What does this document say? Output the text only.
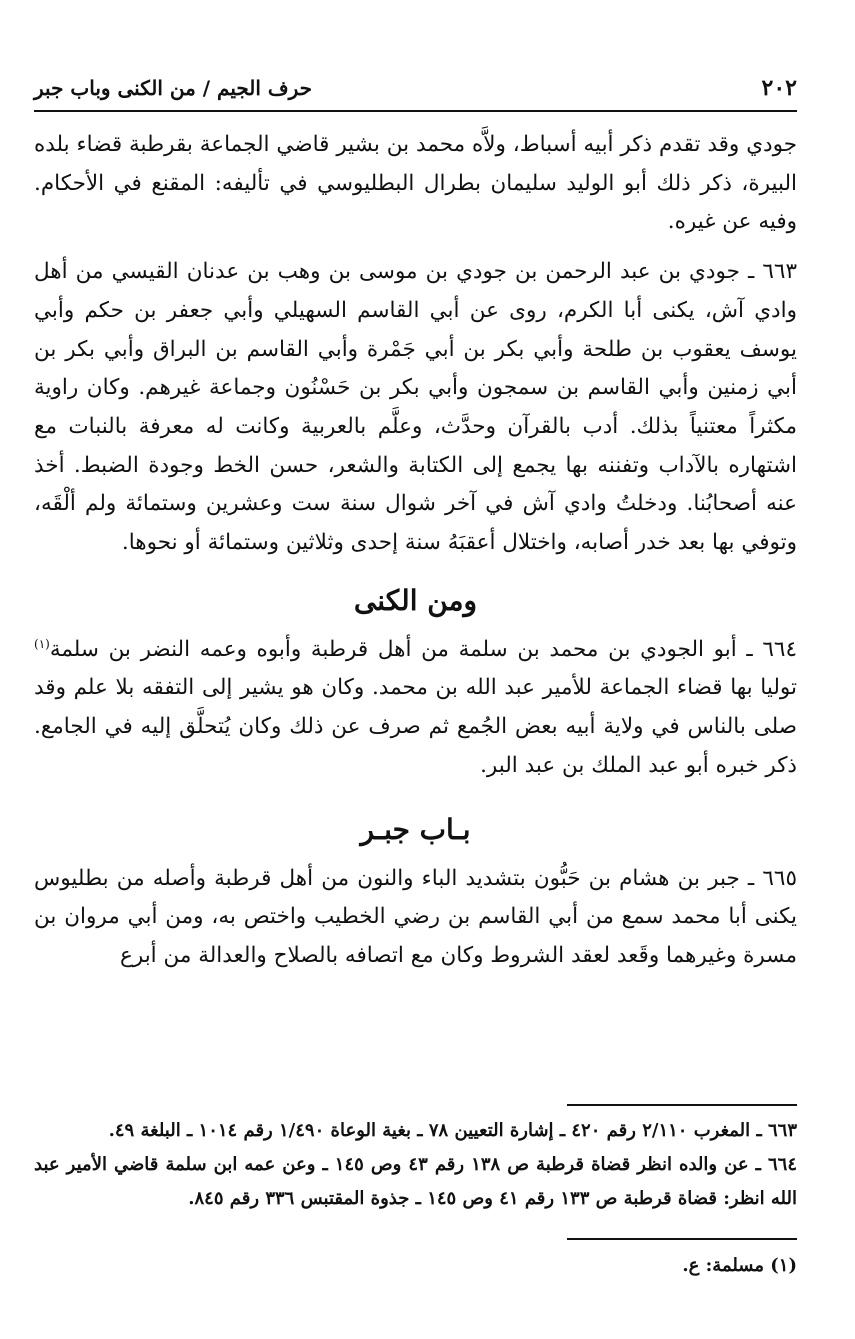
٢٠٢
حرف الجيم / من الكنى وباب جبر

جودي وقد تقدم ذكر أبيه أسباط، ولاَّه محمد بن بشير قاضي الجماعة بقرطبة قضاء بلده البيرة، ذكر ذلك أبو الوليد سليمان بطرال البطليوسي في تأليفه: المقنع في الأحكام. وفيه عن غيره.

٦٦٣ ـ جودي بن عبد الرحمن بن جودي بن موسى بن وهب بن عدنان القيسي من أهل وادي آش، يكنى أبا الكرم، روى عن أبي القاسم السهيلي وأبي جعفر بن حكم وأبي يوسف يعقوب بن طلحة وأبي بكر بن أبي جَمْرة وأبي القاسم بن البراق وأبي بكر بن أبي زمنين وأبي القاسم بن سمجون وأبي بكر بن حَسْنُون وجماعة غيرهم. وكان راوية مكثراً معتنياً بذلك. أدب بالقرآن وحدَّث، وعلَّم بالعربية وكانت له معرفة بالنبات مع اشتهاره بالآداب وتفننه بها يجمع إلى الكتابة والشعر، حسن الخط وجودة الضبط. أخذ عنه أصحابُنا. ودخلتُ وادي آش في آخر شوال سنة ست وعشرين وستمائة ولم ألْقَه، وتوفي بها بعد خدر أصابه، واختلال أعقبَهُ سنة إحدى وثلاثين وستمائة أو نحوها.

ومن الكنى

٦٦٤ ـ أبو الجودي بن محمد بن سلمة من أهل قرطبة وأبوه وعمه النضر بن سلمة$^{(١)}$ توليا بها قضاء الجماعة للأمير عبد الله بن محمد. وكان هو يشير إلى التفقه بلا علم وقد صلى بالناس في ولاية أبيه بعض الجُمع ثم صرف عن ذلك وكان يُتحلَّق إليه في الجامع. ذكر خبره أبو عبد الملك بن عبد البر.

بـاب جبـر

٦٦٥ ـ جبر بن هشام بن حَبُّون بتشديد الباء والنون من أهل قرطبة وأصله من بطليوس يكنى أبا محمد سمع من أبي القاسم بن رضي الخطيب واختص به، ومن أبي مروان بن مسرة وغيرهما وقَعد لعقد الشروط وكان مع اتصافه بالصلاح والعدالة من أبرع

٦٦٣ ـ المغرب ٢/١١٠ رقم ٤٢٠ ـ إشارة التعيين ٧٨ ـ بغية الوعاة ١/٤٩٠ رقم ١٠١٤ ـ البلغة ٤٩.

٦٦٤ ـ عن والده انظر قضاة قرطبة ص ١٣٨ رقم ٤٣ وص ١٤٥ ـ وعن عمه ابن سلمة قاضي الأمير عبد الله انظر: قضاة قرطبة ص ١٣٣ رقم ٤١ وص ١٤٥ ـ جذوة المقتبس ٣٣٦ رقم ٨٤٥.

(١) مسلمة: ع.
